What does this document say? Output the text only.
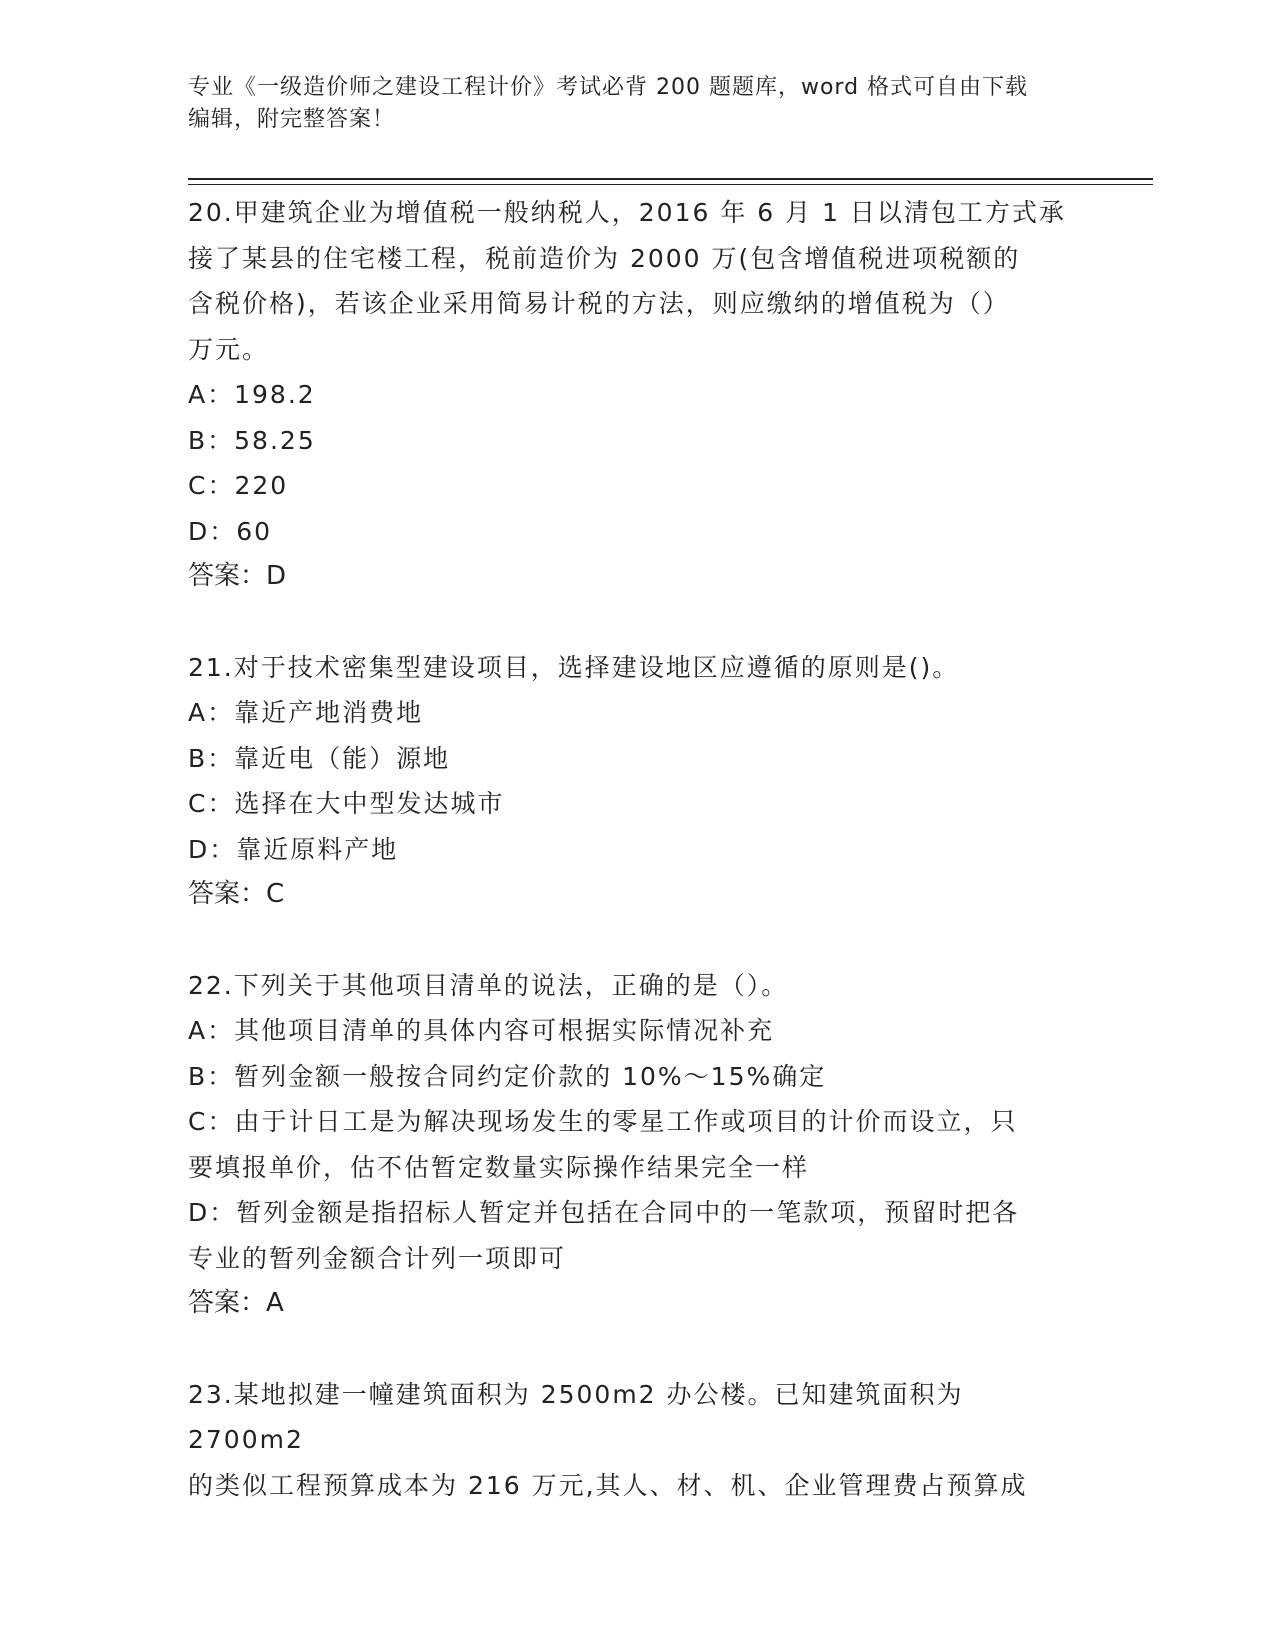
专业《一级造价师之建设工程计价》考试必背 200 题题库，word 格式可自由下载
编辑，附完整答案！
20.甲建筑企业为增值税一般纳税人，2016 年 6 月 1 日以清包工方式承
接了某县的住宅楼工程，税前造价为 2000 万(包含增值税进项税额的
含税价格)，若该企业采用简易计税的方法，则应缴纳的增值税为（）
万元。
A：198.2
B：58.25
C：220
D：60
答案：D
21.对于技术密集型建设项目，选择建设地区应遵循的原则是()。
A：靠近产地消费地
B：靠近电（能）源地
C：选择在大中型发达城市
D：靠近原料产地
答案：C
22.下列关于其他项目清单的说法，正确的是（）。
A：其他项目清单的具体内容可根据实际情况补充
B：暂列金额一般按合同约定价款的 10%～15%确定
C：由于计日工是为解决现场发生的零星工作或项目的计价而设立，只
要填报单价，估不估暂定数量实际操作结果完全一样
D：暂列金额是指招标人暂定并包括在合同中的一笔款项，预留时把各
专业的暂列金额合计列一项即可
答案：A
23.某地拟建一幢建筑面积为 2500m2 办公楼。已知建筑面积为 2700m2
的类似工程预算成本为 216 万元,其人、材、机、企业管理费占预算成
